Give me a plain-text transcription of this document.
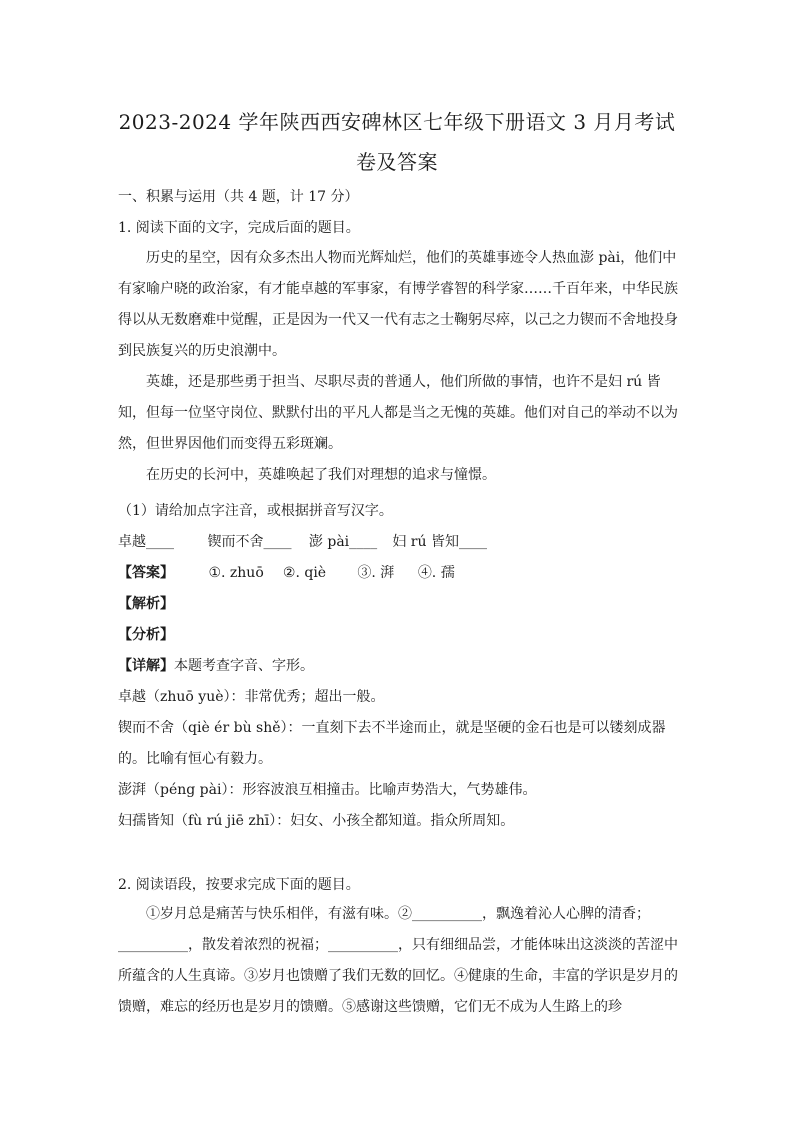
2023-2024 学年陕西西安碑林区七年级下册语文 3 月月考试
卷及答案
一、积累与运用（共 4 题，计 17 分）
1. 阅读下面的文字，完成后面的题目。

历史的星空，因有众多杰出人物而光辉灿烂，他们的英雄事迹令人热血澎 pài，他们中有家喻户晓的政治家，有才能卓越的军事家，有博学睿智的科学家……千百年来，中华民族得以从无数磨难中觉醒，正是因为一代又一代有志之士鞠躬尽瘁，以己之力锲而不舍地投身到民族复兴的历史浪潮中。

英雄，还是那些勇于担当、尽职尽责的普通人，他们所做的事情，也许不是妇 rú 皆知，但每一位坚守岗位、默默付出的平凡人都是当之无愧的英雄。他们对自己的举动不以为然，但世界因他们而变得五彩斑斓。

在历史的长河中，英雄唤起了我们对理想的追求与憧憬。

（1）请给加点字注音，或根据拼音写汉字。
卓越____ 锲而不舍____ 澎 pài____ 妇 rú 皆知____
【答案】 ①. zhuō ②. qiè ③. 湃 ④. 孺
【解析】
【分析】
【详解】本题考查字音、字形。
卓越（zhuō yuè）：非常优秀；超出一般。
锲而不舍（qiè ér bù shě）：一直刻下去不半途而止，就是坚硬的金石也是可以镂刻成器
的。比喻有恒心有毅力。
澎湃（péng pài）：形容波浪互相撞击。比喻声势浩大，气势雄伟。
妇孺皆知（fù rú jiē zhī）：妇女、小孩全都知道。指众所周知。
2. 阅读语段，按要求完成下面的题目。

①岁月总是痛苦与快乐相伴，有滋有味。②__________，飘逸着沁人心脾的清香；__________，散发着浓烈的祝福；__________，只有细细品尝，才能体味出这淡淡的苦涩中所蕴含的人生真谛。③岁月也馈赠了我们无数的回忆。④健康的生命，丰富的学识是岁月的馈赠，难忘的经历也是岁月的馈赠。⑤感谢这些馈赠，它们无不成为人生路上的珍
